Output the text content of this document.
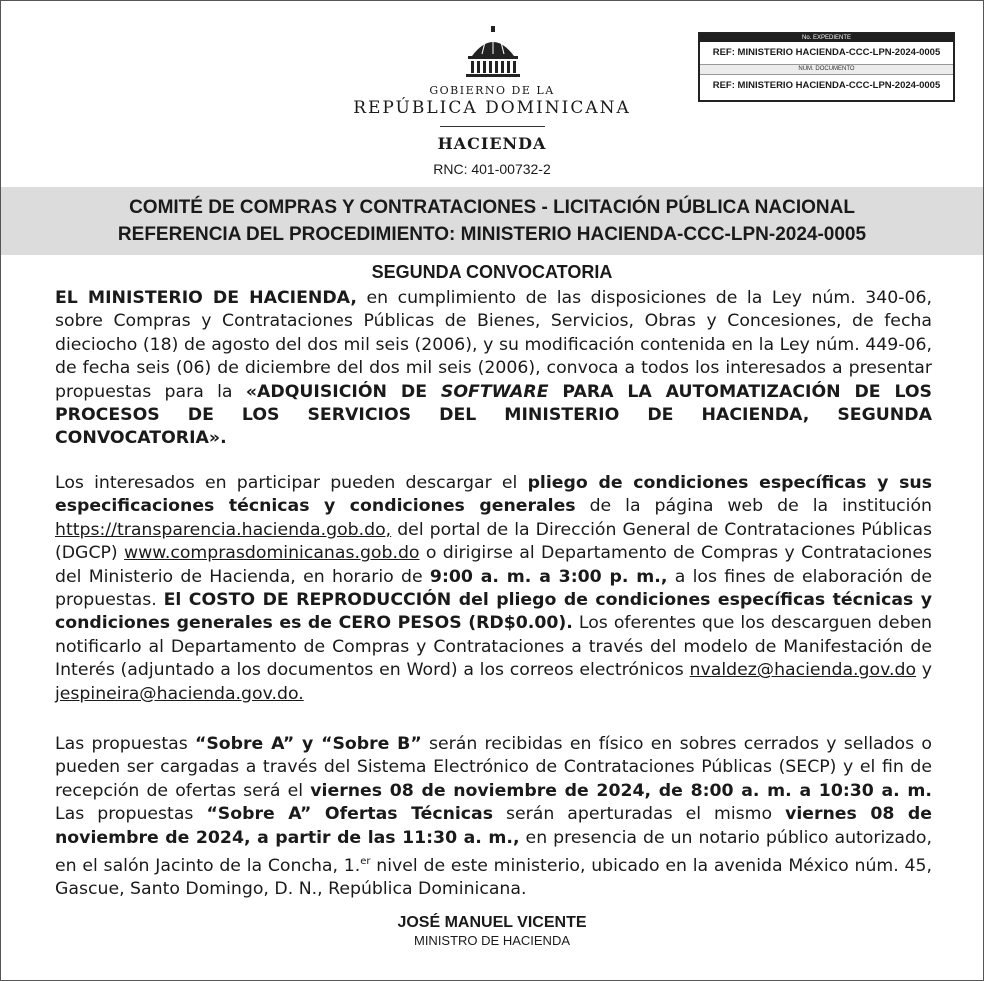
GOBIERNO DE LA
REPÚBLICA DOMINICANA
HACIENDA
RNC: 401-00732-2
No. EXPEDIENTE
REF: MINISTERIO HACIENDA-CCC-LPN-2024-0005
NÚM. DOCUMENTO
REF: MINISTERIO HACIENDA-CCC-LPN-2024-0005
COMITÉ DE COMPRAS Y CONTRATACIONES - LICITACIÓN PÚBLICA NACIONAL
REFERENCIA DEL PROCEDIMIENTO: MINISTERIO HACIENDA-CCC-LPN-2024-0005
SEGUNDA CONVOCATORIA
EL MINISTERIO DE HACIENDA, en cumplimiento de las disposiciones de la Ley núm. 340-06, sobre Compras y Contrataciones Públicas de Bienes, Servicios, Obras y Concesiones, de fecha dieciocho (18) de agosto del dos mil seis (2006), y su modificación contenida en la Ley núm. 449-06, de fecha seis (06) de diciembre del dos mil seis (2006), convoca a todos los interesados a presentar propuestas para la «ADQUISICIÓN DE SOFTWARE PARA LA AUTOMATIZACIÓN DE LOS PROCESOS DE LOS SERVICIOS DEL MINISTERIO DE HACIENDA, SEGUNDA CONVOCATORIA».
Los interesados en participar pueden descargar el pliego de condiciones específicas y sus especificaciones técnicas y condiciones generales de la página web de la institución https://transparencia.hacienda.gob.do, del portal de la Dirección General de Contrataciones Públicas (DGCP) www.comprasdominicanas.gob.do o dirigirse al Departamento de Compras y Contrataciones del Ministerio de Hacienda, en horario de 9:00 a. m. a 3:00 p. m., a los fines de elaboración de propuestas. El COSTO DE REPRODUCCIÓN del pliego de condiciones específicas técnicas y condiciones generales es de CERO PESOS (RD$0.00). Los oferentes que los descarguen deben notificarlo al Departamento de Compras y Contrataciones a través del modelo de Manifestación de Interés (adjuntado a los documentos en Word) a los correos electrónicos nvaldez@hacienda.gov.do y jespineira@hacienda.gov.do.
Las propuestas “Sobre A” y “Sobre B” serán recibidas en físico en sobres cerrados y sellados o pueden ser cargadas a través del Sistema Electrónico de Contrataciones Públicas (SECP) y el fin de recepción de ofertas será el viernes 08 de noviembre de 2024, de 8:00 a. m. a 10:30 a. m. Las propuestas “Sobre A” Ofertas Técnicas serán aperturadas el mismo viernes 08 de noviembre de 2024, a partir de las 11:30 a. m., en presencia de un notario público autorizado, en el salón Jacinto de la Concha, 1.$^{er}$ nivel de este ministerio, ubicado en la avenida México núm. 45, Gascue, Santo Domingo, D. N., República Dominicana.
JOSÉ MANUEL VICENTE
MINISTRO DE HACIENDA
